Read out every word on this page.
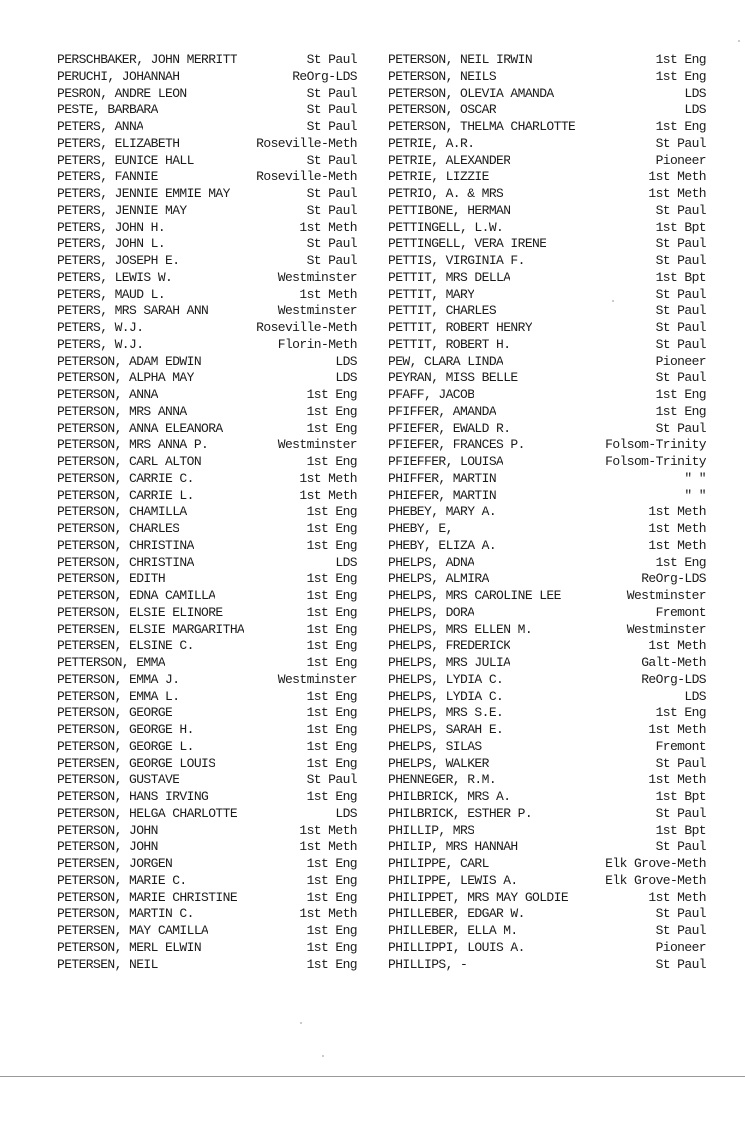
PERSCHBAKER, JOHN MERRITT	St Paul
PERUCHI, JOHANNAH	ReOrg-LDS
PESRON, ANDRE LEON	St Paul
PESTE, BARBARA	St Paul
PETERS, ANNA	St Paul
PETERS, ELIZABETH	Roseville-Meth
PETERS, EUNICE HALL	St Paul
PETERS, FANNIE	Roseville-Meth
PETERS, JENNIE EMMIE MAY	St Paul
PETERS, JENNIE MAY	St Paul
PETERS, JOHN H.	1st Meth
PETERS, JOHN L.	St Paul
PETERS, JOSEPH E.	St Paul
PETERS, LEWIS W.	Westminster
PETERS, MAUD L.	1st Meth
PETERS, MRS SARAH ANN	Westminster
PETERS, W.J.	Roseville-Meth
PETERS, W.J.	Florin-Meth
PETERSON, ADAM EDWIN	LDS
PETERSON, ALPHA MAY	LDS
PETERSON, ANNA	1st Eng
PETERSON, MRS ANNA	1st Eng
PETERSON, ANNA ELEANORA	1st Eng
PETERSON, MRS ANNA P.	Westminster
PETERSON, CARL ALTON	1st Eng
PETERSON, CARRIE C.	1st Meth
PETERSON, CARRIE L.	1st Meth
PETERSON, CHAMILLA	1st Eng
PETERSON, CHARLES	1st Eng
PETERSON, CHRISTINA	1st Eng
PETERSON, CHRISTINA	LDS
PETERSON, EDITH	1st Eng
PETERSON, EDNA CAMILLA	1st Eng
PETERSON, ELSIE ELINORE	1st Eng
PETERSEN, ELSIE MARGARITHA	1st Eng
PETERSEN, ELSINE C.	1st Eng
PETTERSON, EMMA	1st Eng
PETERSON, EMMA J.	Westminster
PETERSON, EMMA L.	1st Eng
PETERSON, GEORGE	1st Eng
PETERSON, GEORGE H.	1st Eng
PETERSON, GEORGE L.	1st Eng
PETERSEN, GEORGE LOUIS	1st Eng
PETERSON, GUSTAVE	St Paul
PETERSON, HANS IRVING	1st Eng
PETERSON, HELGA CHARLOTTE	LDS
PETERSON, JOHN	1st Meth
PETERSON, JOHN	1st Meth
PETERSEN, JORGEN	1st Eng
PETERSON, MARIE C.	1st Eng
PETERSON, MARIE CHRISTINE	1st Eng
PETERSON, MARTIN C.	1st Meth
PETERSEN, MAY CAMILLA	1st Eng
PETERSON, MERL ELWIN	1st Eng
PETERSEN, NEIL	1st Eng
PETERSON, NEIL IRWIN	1st Eng
PETERSON, NEILS	1st Eng
PETERSON, OLEVIA AMANDA	LDS
PETERSON, OSCAR	LDS
PETERSON, THELMA CHARLOTTE	1st Eng
PETRIE, A.R.	St Paul
PETRIE, ALEXANDER	Pioneer
PETRIE, LIZZIE	1st Meth
PETRIO, A. & MRS	1st Meth
PETTIBONE, HERMAN	St Paul
PETTINGELL, L.W.	1st Bpt
PETTINGELL, VERA IRENE	St Paul
PETTIS, VIRGINIA F.	St Paul
PETTIT, MRS DELLA	1st Bpt
PETTIT, MARY	St Paul
PETTIT, CHARLES	St Paul
PETTIT, ROBERT HENRY	St Paul
PETTIT, ROBERT H.	St Paul
PEW, CLARA LINDA	Pioneer
PEYRAN, MISS BELLE	St Paul
PFAFF, JACOB	1st Eng
PFIFFER, AMANDA	1st Eng
PFIEFER, EWALD R.	St Paul
PFIEFER, FRANCES P.	Folsom-Trinity
PFIEFFER, LOUISA	Folsom-Trinity
PHIFFER, MARTIN	" "
PHIEFER, MARTIN	" "
PHEBEY, MARY A.	1st Meth
PHEBY, E,	1st Meth
PHEBY, ELIZA A.	1st Meth
PHELPS, ADNA	1st Eng
PHELPS, ALMIRA	ReOrg-LDS
PHELPS, MRS CAROLINE LEE	Westminster
PHELPS, DORA	Fremont
PHELPS, MRS ELLEN M.	Westminster
PHELPS, FREDERICK	1st Meth
PHELPS, MRS JULIA	Galt-Meth
PHELPS, LYDIA C.	ReOrg-LDS
PHELPS, LYDIA C.	LDS
PHELPS, MRS S.E.	1st Eng
PHELPS, SARAH E.	1st Meth
PHELPS, SILAS	Fremont
PHELPS, WALKER	St Paul
PHENNEGER, R.M.	1st Meth
PHILBRICK, MRS A.	1st Bpt
PHILBRICK, ESTHER P.	St Paul
PHILLIP, MRS	1st Bpt
PHILIP, MRS HANNAH	St Paul
PHILIPPE, CARL	Elk Grove-Meth
PHILIPPE, LEWIS A.	Elk Grove-Meth
PHILIPPET, MRS MAY GOLDIE	1st Meth
PHILLEBER, EDGAR W.	St Paul
PHILLEBER, ELLA M.	St Paul
PHILLIPPI, LOUIS A.	Pioneer
PHILLIPS, -	St Paul
